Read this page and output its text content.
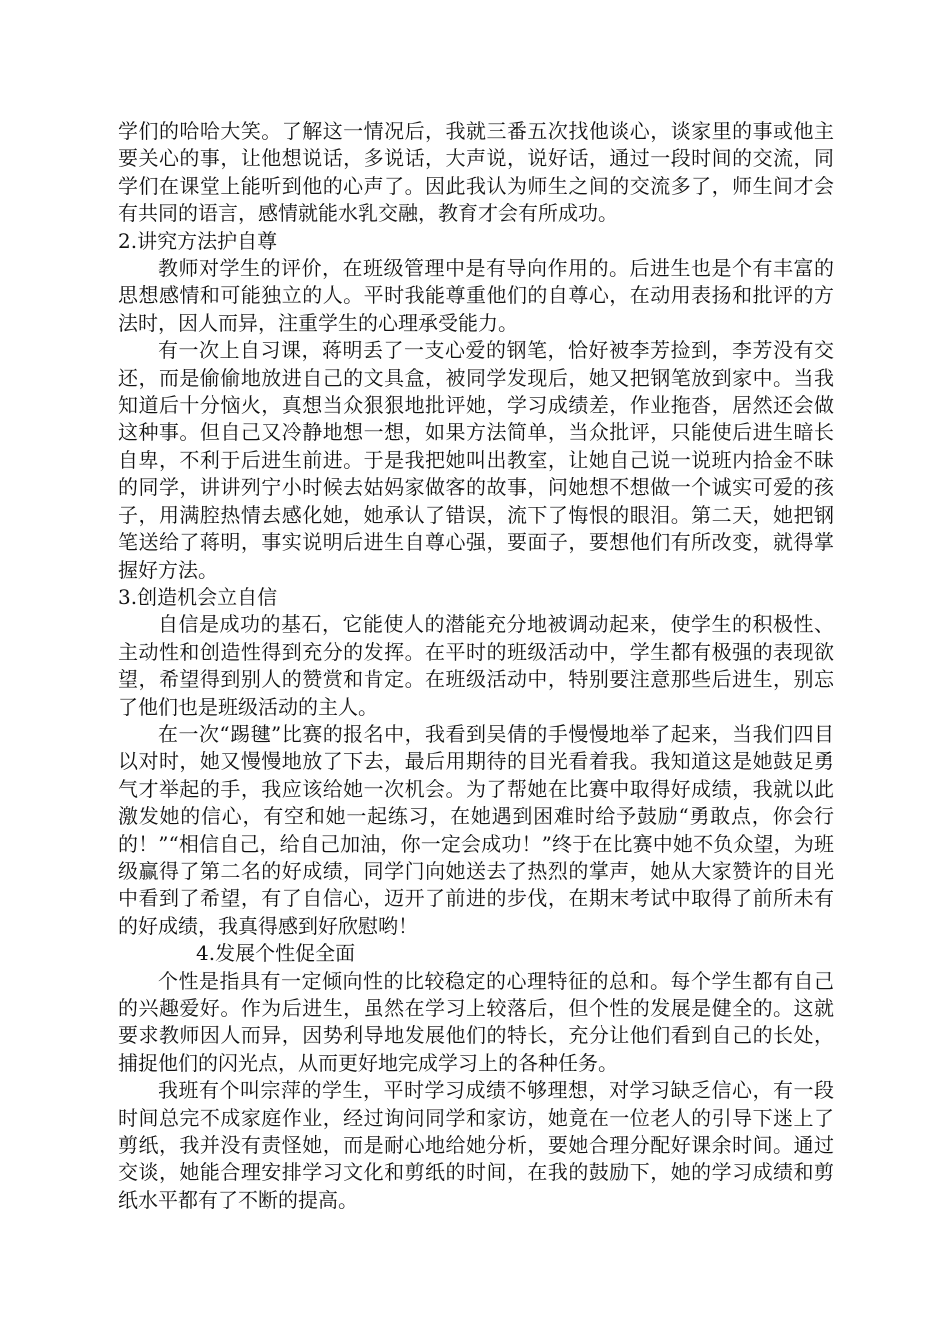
学们的哈哈大笑。了解这一情况后，我就三番五次找他谈心，谈家里的事或他主要关心的事，让他想说话，多说话，大声说，说好话，通过一段时间的交流，同学们在课堂上能听到他的心声了。因此我认为师生之间的交流多了，师生间才会有共同的语言，感情就能水乳交融，教育才会有所成功。

2.讲究方法护自尊

教师对学生的评价，在班级管理中是有导向作用的。后进生也是个有丰富的思想感情和可能独立的人。平时我能尊重他们的自尊心，在动用表扬和批评的方法时，因人而异，注重学生的心理承受能力。

有一次上自习课，蒋明丢了一支心爱的钢笔，恰好被李芳捡到，李芳没有交还，而是偷偷地放进自己的文具盒，被同学发现后，她又把钢笔放到家中。当我知道后十分恼火，真想当众狠狠地批评她，学习成绩差，作业拖沓，居然还会做这种事。但自己又冷静地想一想，如果方法简单，当众批评，只能使后进生暗长自卑，不利于后进生前进。于是我把她叫出教室，让她自己说一说班内拾金不昧的同学，讲讲列宁小时候去姑妈家做客的故事，问她想不想做一个诚实可爱的孩子，用满腔热情去感化她，她承认了错误，流下了悔恨的眼泪。第二天，她把钢笔送给了蒋明，事实说明后进生自尊心强，要面子，要想他们有所改变，就得掌握好方法。

3.创造机会立自信

自信是成功的基石，它能使人的潜能充分地被调动起来，使学生的积极性、主动性和创造性得到充分的发挥。在平时的班级活动中，学生都有极强的表现欲望，希望得到别人的赞赏和肯定。在班级活动中，特别要注意那些后进生，别忘了他们也是班级活动的主人。

在一次“踢毽”比赛的报名中，我看到吴倩的手慢慢地举了起来，当我们四目以对时，她又慢慢地放了下去，最后用期待的目光看着我。我知道这是她鼓足勇气才举起的手，我应该给她一次机会。为了帮她在比赛中取得好成绩，我就以此激发她的信心，有空和她一起练习，在她遇到困难时给予鼓励“勇敢点，你会行的！”“相信自己，给自己加油，你一定会成功！”终于在比赛中她不负众望，为班级赢得了第二名的好成绩，同学门向她送去了热烈的掌声，她从大家赞许的目光中看到了希望，有了自信心，迈开了前进的步伐，在期末考试中取得了前所未有的好成绩，我真得感到好欣慰哟！

4.发展个性促全面

个性是指具有一定倾向性的比较稳定的心理特征的总和。每个学生都有自己的兴趣爱好。作为后进生，虽然在学习上较落后，但个性的发展是健全的。这就要求教师因人而异，因势利导地发展他们的特长，充分让他们看到自己的长处，捕捉他们的闪光点，从而更好地完成学习上的各种任务。

我班有个叫宗萍的学生，平时学习成绩不够理想，对学习缺乏信心，有一段时间总完不成家庭作业，经过询问同学和家访，她竟在一位老人的引导下迷上了剪纸，我并没有责怪她，而是耐心地给她分析，要她合理分配好课余时间。通过交谈，她能合理安排学习文化和剪纸的时间，在我的鼓励下，她的学习成绩和剪纸水平都有了不断的提高。
